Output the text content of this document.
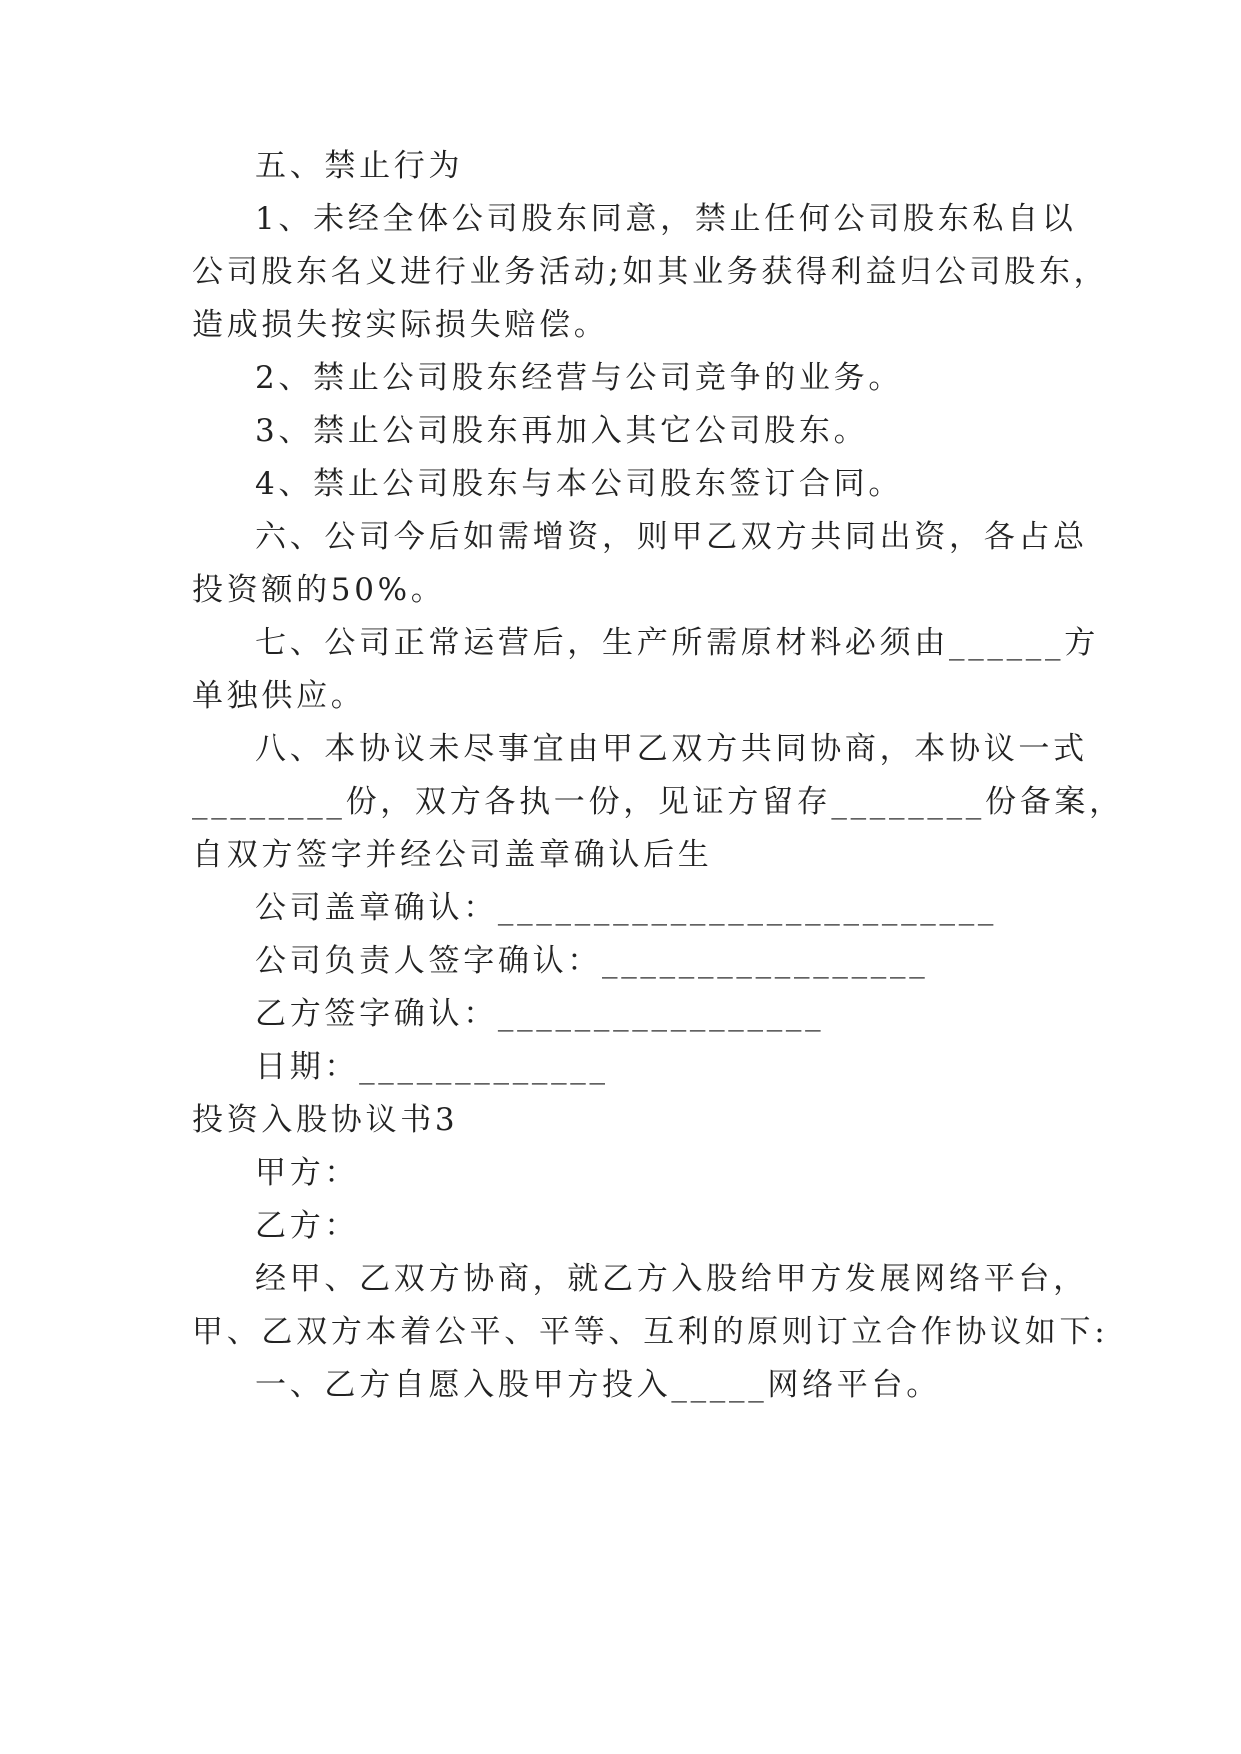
五、禁止行为
1、未经全体公司股东同意，禁止任何公司股东私自以
公司股东名义进行业务活动;如其业务获得利益归公司股东，
造成损失按实际损失赔偿。
2、禁止公司股东经营与公司竞争的业务。
3、禁止公司股东再加入其它公司股东。
4、禁止公司股东与本公司股东签订合同。
六、公司今后如需增资，则甲乙双方共同出资，各占总
投资额的50%。
七、公司正常运营后，生产所需原材料必须由______方
单独供应。
八、本协议未尽事宜由甲乙双方共同协商，本协议一式
________份，双方各执一份，见证方留存________份备案，
自双方签字并经公司盖章确认后生
公司盖章确认：__________________________
公司负责人签字确认：_________________
乙方签字确认：_________________
日期：_____________
投资入股协议书3
甲方：
乙方：
经甲、乙双方协商，就乙方入股给甲方发展网络平台，
甲、乙双方本着公平、平等、互利的原则订立合作协议如下:
一、乙方自愿入股甲方投入_____网络平台。
